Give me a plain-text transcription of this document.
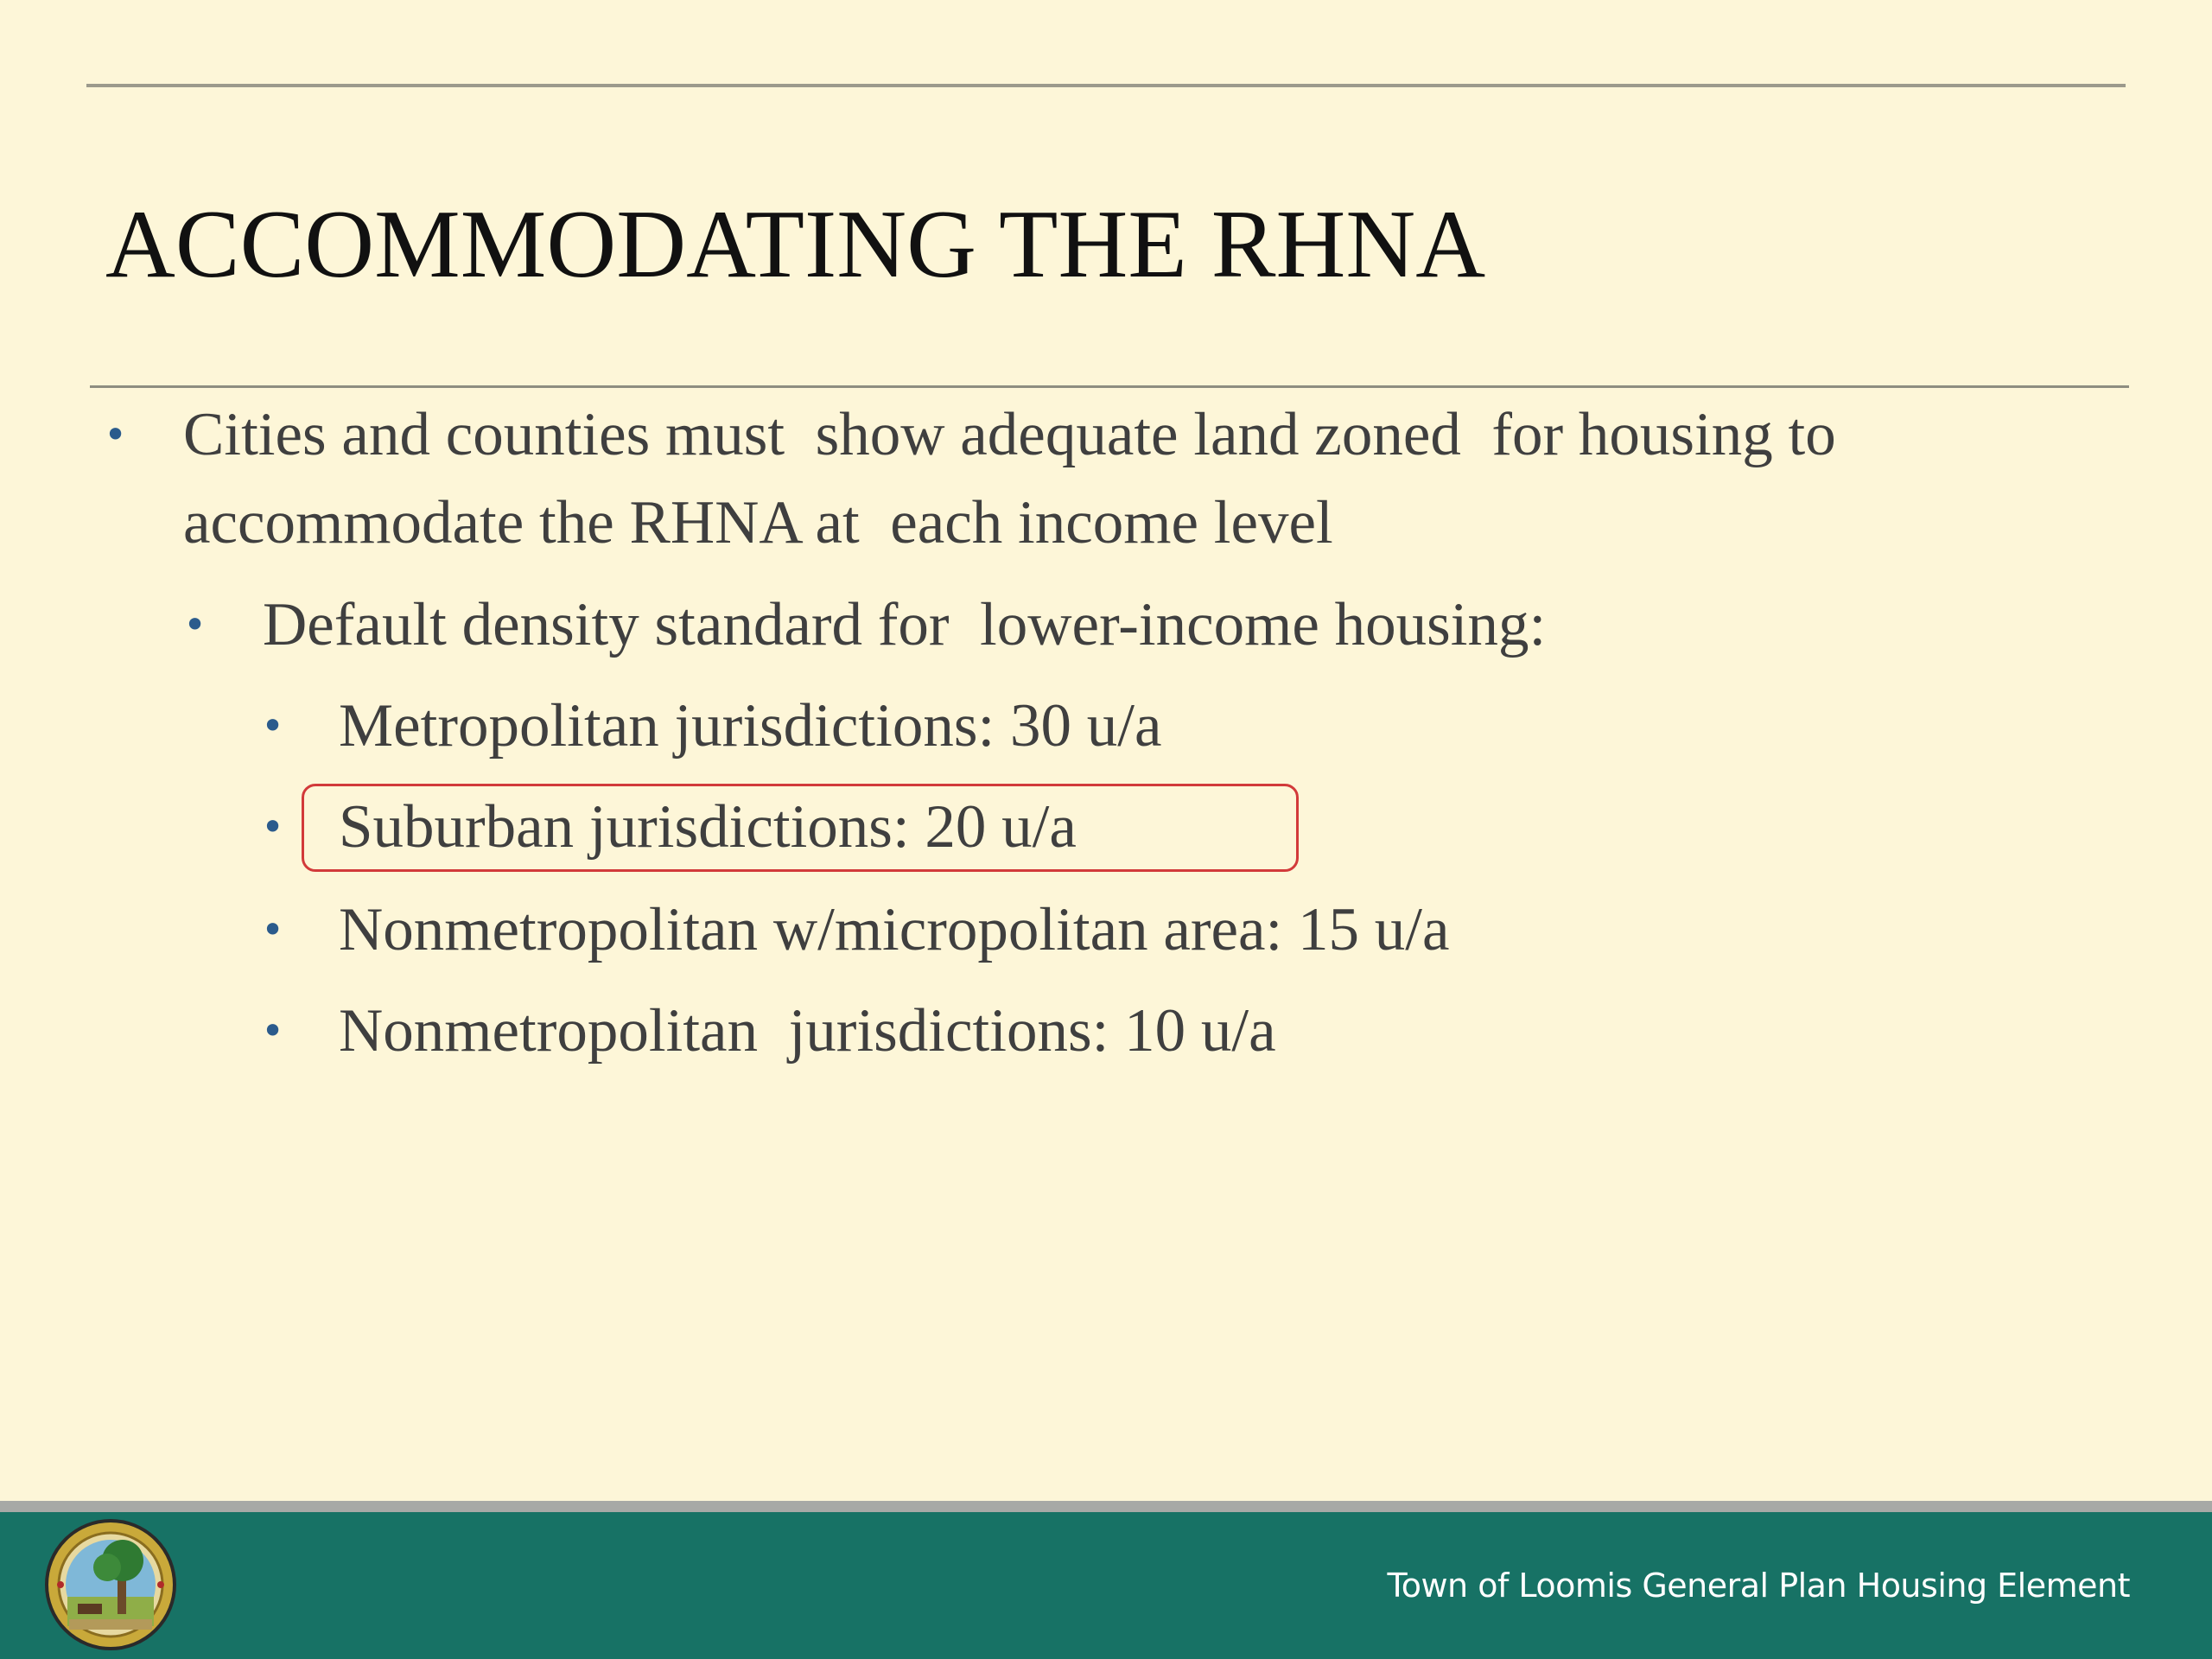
ACCOMMODATING THE RHNA
• Cities and counties must  show adequate land zoned  for housing to
accommodate the RHNA at  each income level
• Default density standard for  lower-income housing:
• Metropolitan jurisdictions: 30 u/a
• Suburban jurisdictions: 20 u/a
• Nonmetropolitan w/micropolitan area: 15 u/a
• Nonmetropolitan  jurisdictions: 10 u/a
Town of Loomis General Plan Housing Element
